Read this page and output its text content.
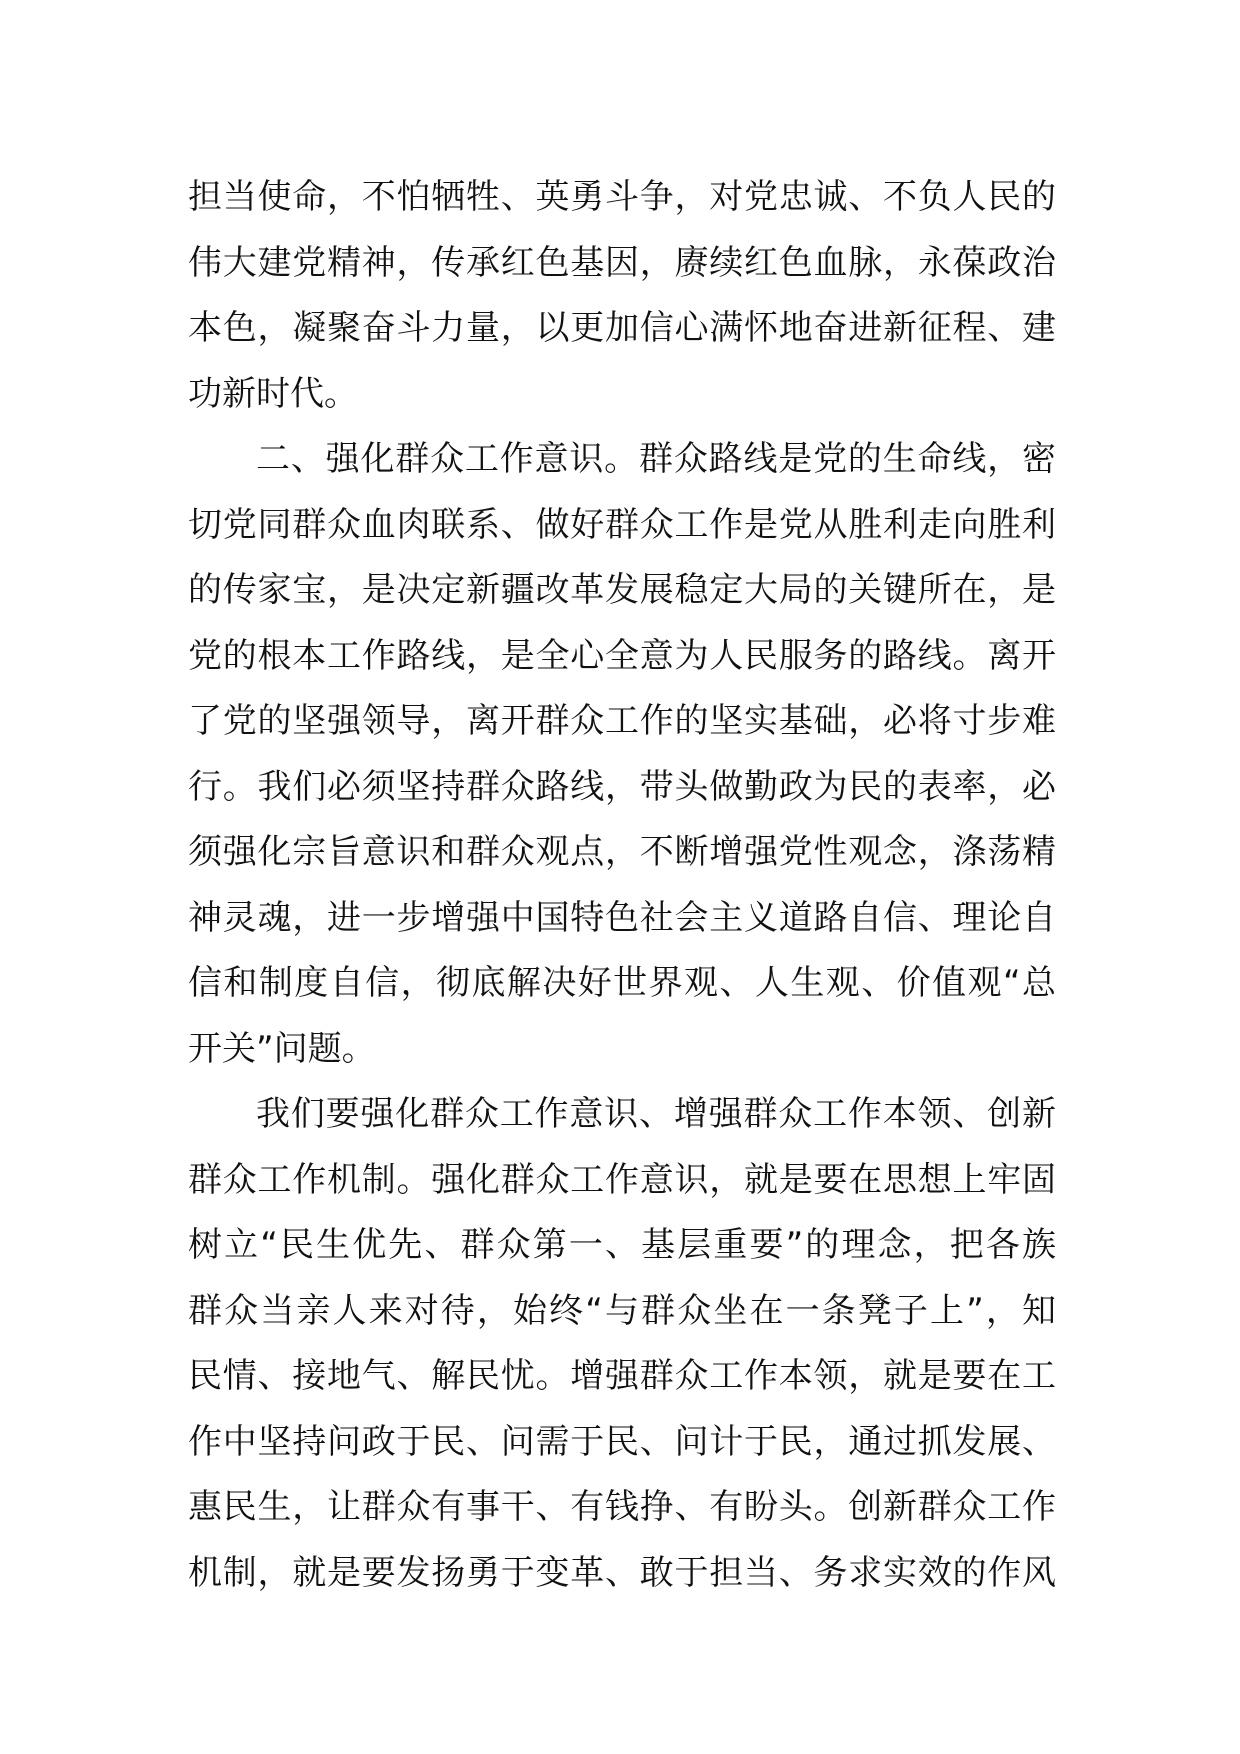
担当使命，不怕牺牲、英勇斗争，对党忠诚、不负人民的
伟大建党精神，传承红色基因，赓续红色血脉，永葆政治
本色，凝聚奋斗力量，以更加信心满怀地奋进新征程、建
功新时代。
二、强化群众工作意识。群众路线是党的生命线，密
切党同群众血肉联系、做好群众工作是党从胜利走向胜利
的传家宝，是决定新疆改革发展稳定大局的关键所在，是
党的根本工作路线，是全心全意为人民服务的路线。离开
了党的坚强领导，离开群众工作的坚实基础，必将寸步难
行。我们必须坚持群众路线，带头做勤政为民的表率，必
须强化宗旨意识和群众观点，不断增强党性观念，涤荡精
神灵魂，进一步增强中国特色社会主义道路自信、理论自
信和制度自信，彻底解决好世界观、人生观、价值观“总
开关”问题。
我们要强化群众工作意识、增强群众工作本领、创新
群众工作机制。强化群众工作意识，就是要在思想上牢固
树立“民生优先、群众第一、基层重要”的理念，把各族
群众当亲人来对待，始终“与群众坐在一条凳子上”，知
民情、接地气、解民忧。增强群众工作本领，就是要在工
作中坚持问政于民、问需于民、问计于民，通过抓发展、
惠民生，让群众有事干、有钱挣、有盼头。创新群众工作
机制，就是要发扬勇于变革、敢于担当、务求实效的作风
